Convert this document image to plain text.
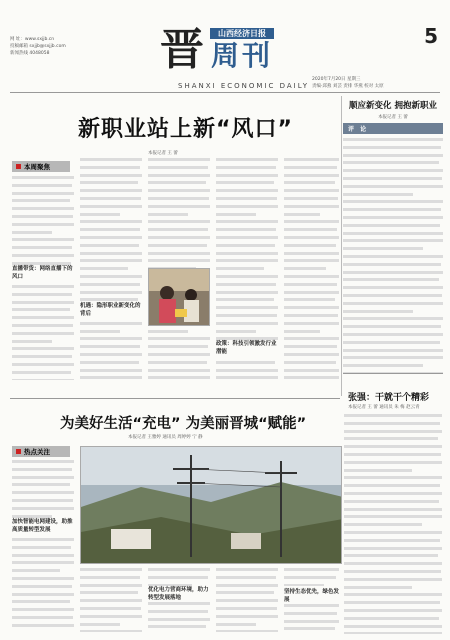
网 址：www.sxjjb.cn
投稿邮箱 sxjjb@sxjjb.com
新闻热线 4048058	晋	山西经济日报
周刊
SHANXI ECONOMIC DAILY
5
2020年7月20日 星期三
责编·邱燕 刘芸 责排 华燕 校对 太原
新职业站上新“风口”
本报记者 王 蕾
本周聚焦
直播带货：网络直播下的风口
机遇：隐形职业新变化的背后
政策：科技引领激发行业潜能
顺应新变化 拥抱新职业
本报记者 王 蕾
评 论
张强：干就干个精彩
本报记者 王 蕾 通讯员 朱 梅 赵云青
为美好生活“充电” 为美丽晋城“赋能”
本报记者 王雅婷 通讯员 周婷婷 宁 静
热点关注
加快智能电网建设，助推高质量转型发展
优化电力营商环境，助力转型发展落地
坚持生态优先，绿色发展
